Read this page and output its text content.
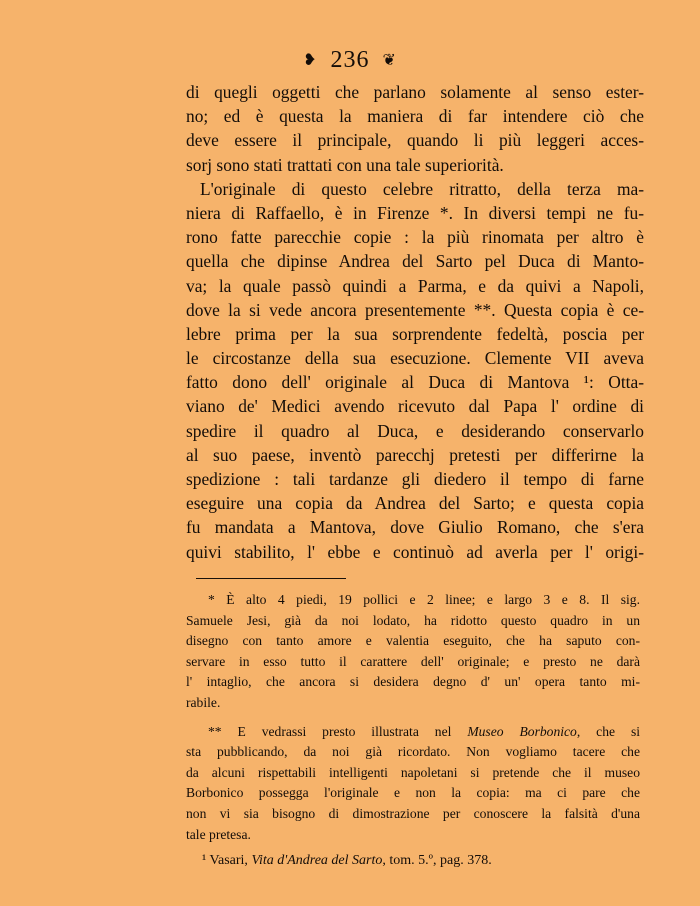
❥ 236 ❦
di quegli oggetti che parlano solamente al senso ester-
no; ed è questa la maniera di far intendere ciò che
deve essere il principale, quando li più leggeri acces-
sorj sono stati trattati con una tale superiorità.
L'originale di questo celebre ritratto, della terza ma-
niera di Raffaello, è in Firenze *. In diversi tempi ne fu-
rono fatte parecchie copie : la più rinomata per altro è
quella che dipinse Andrea del Sarto pel Duca di Manto-
va; la quale passò quindi a Parma, e da quivi a Napoli,
dove la si vede ancora presentemente **. Questa copia è ce-
lebre prima per la sua sorprendente fedeltà, poscia per
le circostanze della sua esecuzione. Clemente VII aveva
fatto dono dell' originale al Duca di Mantova ¹: Otta-
viano de' Medici avendo ricevuto dal Papa l' ordine di
spedire il quadro al Duca, e desiderando conservarlo
al suo paese, inventò parecchj pretesti per differirne la
spedizione : tali tardanze gli diedero il tempo di farne
eseguire una copia da Andrea del Sarto; e questa copia
fu mandata a Mantova, dove Giulio Romano, che s'era
quivi stabilito, l' ebbe e continuò ad averla per l' origi-
* È alto 4 piedi, 19 pollici e 2 linee; e largo 3 e 8. Il sig.
Samuele Jesi, già da noi lodato, ha ridotto questo quadro in un
disegno con tanto amore e valentia eseguito, che ha saputo con-
servare in esso tutto il carattere dell' originale; e presto ne darà
l' intaglio, che ancora si desidera degno d' un' opera tanto mi-
rabile.
** E vedrassi presto illustrata nel Museo Borbonico, che si
sta pubblicando, da noi già ricordato. Non vogliamo tacere che
da alcuni rispettabili intelligenti napoletani si pretende che il museo
Borbonico possegga l'originale e non la copia: ma ci pare che
non vi sia bisogno di dimostrazione per conoscere la falsità d'una
tale pretesa.
¹ Vasari, Vita d'Andrea del Sarto, tom. 5.º, pag. 378.
